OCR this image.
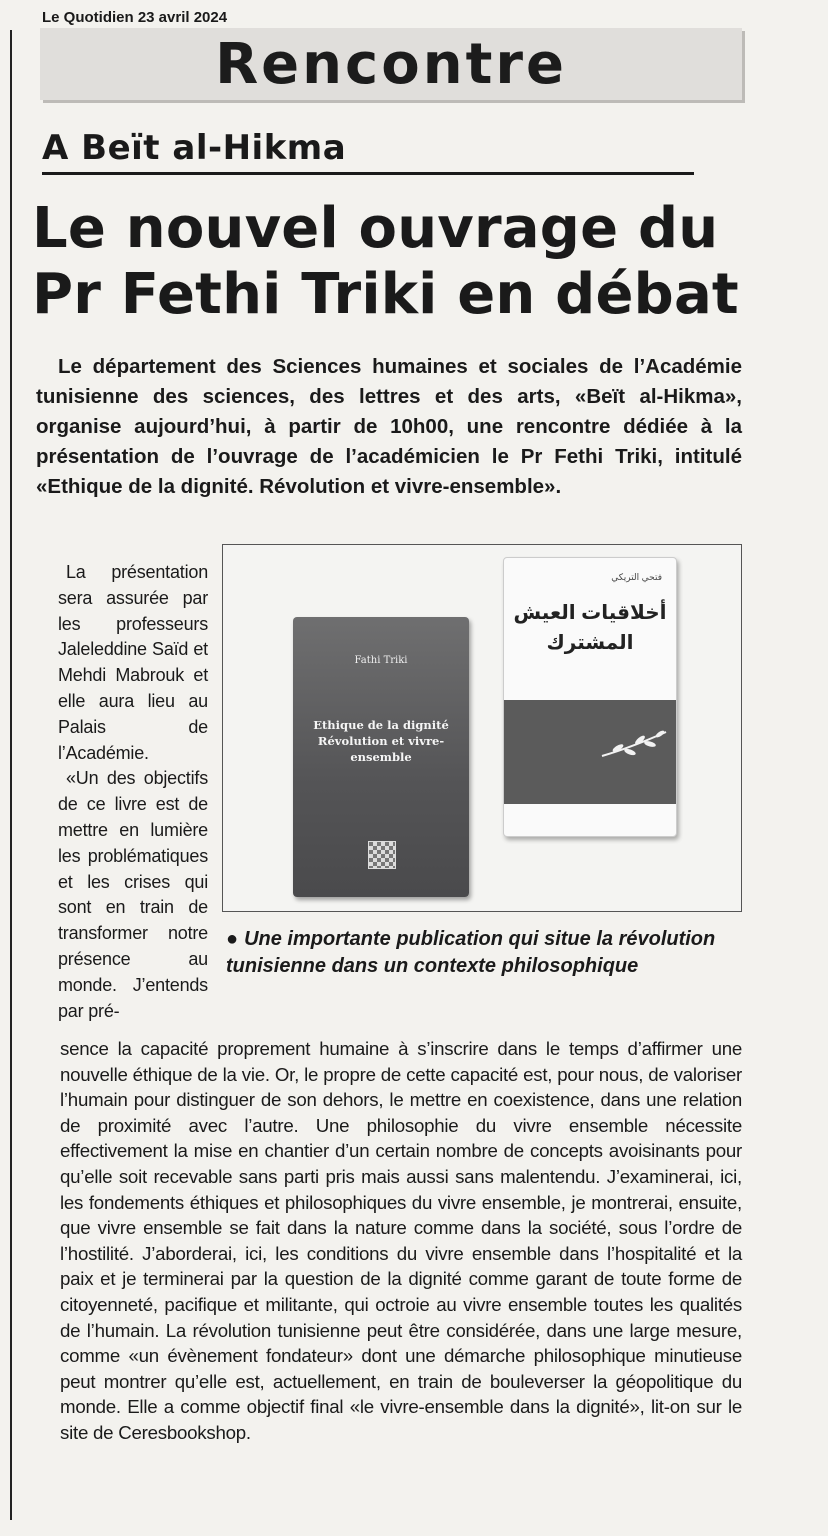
Le Quotidien 23 avril 2024
Rencontre
A Beït al-Hikma
Le nouvel ouvrage du
Pr Fethi Triki en débat
Le département des Sciences humaines et sociales de l’Académie tunisienne des sciences, des lettres et des arts, «Beït al-Hikma», organise aujourd’hui, à partir de 10h00, une rencontre dédiée à la présentation de l’ouvrage de l’académicien le Pr Fethi Triki, intitulé «Ethique de la dignité. Révolution et vivre-ensemble».

La présentation sera assurée par les professeurs Jaleleddine Saïd et Mehdi Mabrouk et elle aura lieu au Palais de l’Académie.

«Un des objectifs de ce livre est de mettre en lumière les problématiques et les crises qui sont en train de transformer notre présence au monde. J’entends par pré-

Fathi Triki
Ethique de la dignité Révolution et vivre-ensemble
فتحي التريكي
أخلاقيات العيش المشترك
● Une importante publication qui situe la révolution tunisienne dans un contexte philosophique

sence la capacité proprement humaine à s’inscrire dans le temps d’affirmer une nouvelle éthique de la vie. Or, le propre de cette capacité est, pour nous, de valoriser l’humain pour distinguer de son dehors, le mettre en coexistence, dans une relation de proximité avec l’autre. Une philosophie du vivre ensemble nécessite effectivement la mise en chantier d’un certain nombre de concepts avoisinants pour qu’elle soit recevable sans parti pris mais aussi sans malentendu. J’examinerai, ici, les fondements éthiques et philosophiques du vivre ensemble, je montrerai, ensuite, que vivre ensemble se fait dans la nature comme dans la société, sous l’ordre de l’hostilité. J’aborderai, ici, les conditions du vivre ensemble dans l’hospitalité et la paix et je terminerai par la question de la dignité comme garant de toute forme de citoyenneté, pacifique et militante, qui octroie au vivre ensemble toutes les qualités de l’humain. La révolution tunisienne peut être considérée, dans une large mesure, comme «un évènement fondateur» dont une démarche philosophique minutieuse peut montrer qu’elle est, actuellement, en train de bouleverser la géopolitique du monde. Elle a comme objectif final «le vivre-ensemble dans la dignité», lit-on sur le site de Ceresbookshop.
